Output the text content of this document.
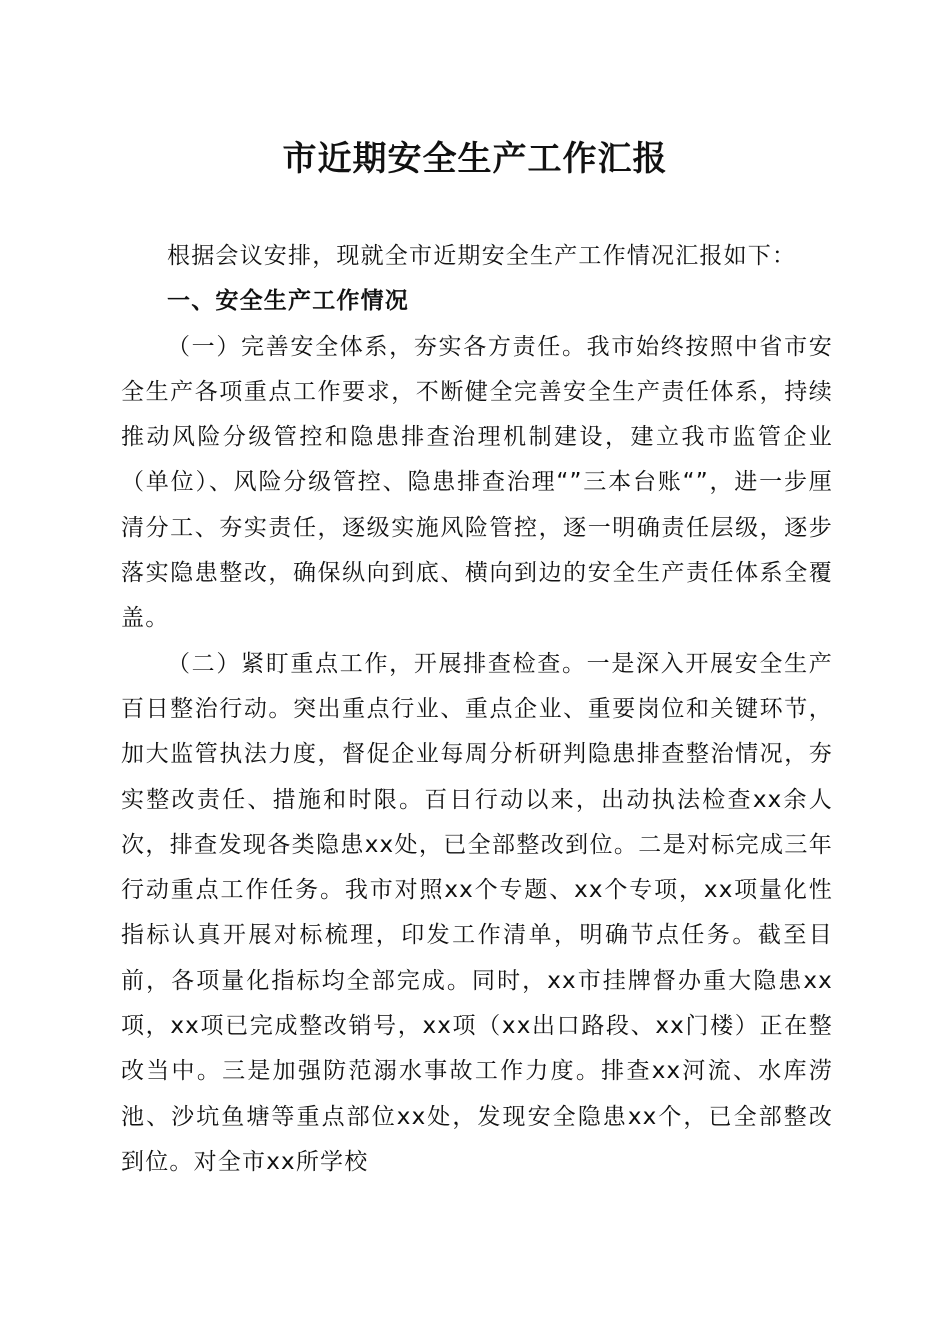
市近期安全生产工作汇报

根据会议安排，现就全市近期安全生产工作情况汇报如下：

一、安全生产工作情况

（一）完善安全体系，夯实各方责任。我市始终按照中省市安全生产各项重点工作要求，不断健全完善安全生产责任体系，持续推动风险分级管控和隐患排查治理机制建设，建立我市监管企业（单位）、风险分级管控、隐患排查治理“”三本台账“”，进一步厘清分工、夯实责任，逐级实施风险管控，逐一明确责任层级，逐步落实隐患整改，确保纵向到底、横向到边的安全生产责任体系全覆盖。

（二）紧盯重点工作，开展排查检查。一是深入开展安全生产百日整治行动。突出重点行业、重点企业、重要岗位和关键环节，加大监管执法力度，督促企业每周分析研判隐患排查整治情况，夯实整改责任、措施和时限。百日行动以来，出动执法检查xx余人次，排查发现各类隐患xx处，已全部整改到位。二是对标完成三年行动重点工作任务。我市对照xx个专题、xx个专项，xx项量化性指标认真开展对标梳理，印发工作清单，明确节点任务。截至目前，各项量化指标均全部完成。同时，xx市挂牌督办重大隐患xx项，xx项已完成整改销号，xx项（xx出口路段、xx门楼）正在整改当中。三是加强防范溺水事故工作力度。排查xx河流、水库涝池、沙坑鱼塘等重点部位xx处，发现安全隐患xx个，已全部整改到位。对全市xx所学校
